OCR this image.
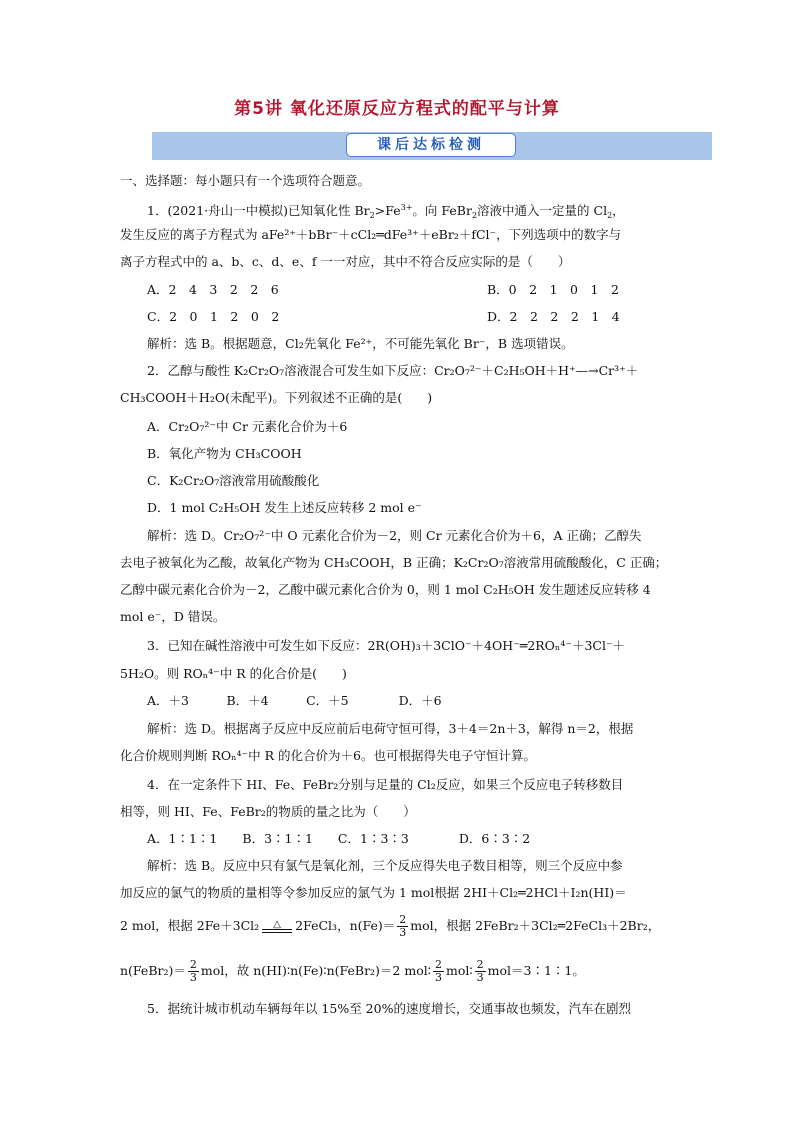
第5讲 氧化还原反应方程式的配平与计算
课后达标检测
一、选择题：每小题只有一个选项符合题意。
1．(2021·舟山一中模拟)已知氧化性 $Br_2>Fe^{3+}$。向 FeBr$_2$溶液中通入一定量的 $Cl_2$，
发生反应的离子方程式为 aFe²⁺＋bBr⁻＋cCl₂═dFe³⁺＋eBr₂＋fCl⁻，下列选项中的数字与
离子方程式中的 a、b、c、d、e、f 一一对应，其中不符合反应实际的是（　　）
A．2　4　3　2　2　6	B．0　2　1　0　1　2
C．2　0　1　2　0　2	D．2　2　2　2　1　4
解析：选 B。根据题意，Cl₂先氧化 Fe²⁺，不可能先氧化 Br⁻，B 选项错误。
2．乙醇与酸性 K₂Cr₂O₇溶液混合可发生如下反应：Cr₂O₇²⁻＋C₂H₅OH＋H⁺—→Cr³⁺＋
CH₃COOH＋H₂O(未配平)。下列叙述不正确的是(　　)
A．Cr₂O₇²⁻中 Cr 元素化合价为＋6
B．氧化产物为 CH₃COOH
C．K₂Cr₂O₇溶液常用硫酸酸化
D．1 mol C₂H₅OH 发生上述反应转移 2 mol e⁻
解析：选 D。Cr₂O₇²⁻中 O 元素化合价为－2，则 Cr 元素化合价为＋6，A 正确；乙醇失
去电子被氧化为乙酸，故氧化产物为 CH₃COOH，B 正确；K₂Cr₂O₇溶液常用硫酸酸化，C 正确；
乙醇中碳元素化合价为－2，乙酸中碳元素化合价为 0，则 1 mol C₂H₅OH 发生题述反应转移 4
mol e⁻，D 错误。
3．已知在碱性溶液中可发生如下反应：2R(OH)₃＋3ClO⁻＋4OH⁻═2ROₙ⁴⁻＋3Cl⁻＋
5H₂O。则 ROₙ⁴⁻中 R 的化合价是(　　)
A．＋3　　　B．＋4　　　C．＋5　　　　D．＋6
解析：选 D。根据离子反应中反应前后电荷守恒可得，3＋4＝2n＋3，解得 n＝2，根据
化合价规则判断 ROₙ⁴⁻中 R 的化合价为＋6。也可根据得失电子守恒计算。
4．在一定条件下 HI、Fe、FeBr₂分别与足量的 Cl₂反应，如果三个反应电子转移数目
相等，则 HI、Fe、FeBr₂的物质的量之比为（　　）
A．1∶1∶1　　B．3∶1∶1　　C．1∶3∶3　　　　D．6∶3∶2
解析：选 B。反应中只有氯气是氧化剂，三个反应得失电子数目相等，则三个反应中参
加反应的氯气的物质的量相等令参加反应的氯气为 1 mol根据 2HI＋Cl₂═2HCl＋I₂n(HI)＝
2 mol，根据 2Fe＋3Cl₂ △ 2FeCl₃，$n(Fe)= \frac{2}{3}$ mol，根据 2FeBr₂＋3Cl₂═2FeCl₃＋2Br₂，
n(FeBr₂)＝ $\frac{2}{3}$ mol，故 n(HI)∶n(Fe)∶n(FeBr₂)＝2 mol∶ $\frac{2}{3}$ mol∶ $\frac{2}{3}$ mol＝3∶1∶1。
5．据统计城市机动车辆每年以 15%至 20%的速度增长，交通事故也频发，汽车在剧烈
